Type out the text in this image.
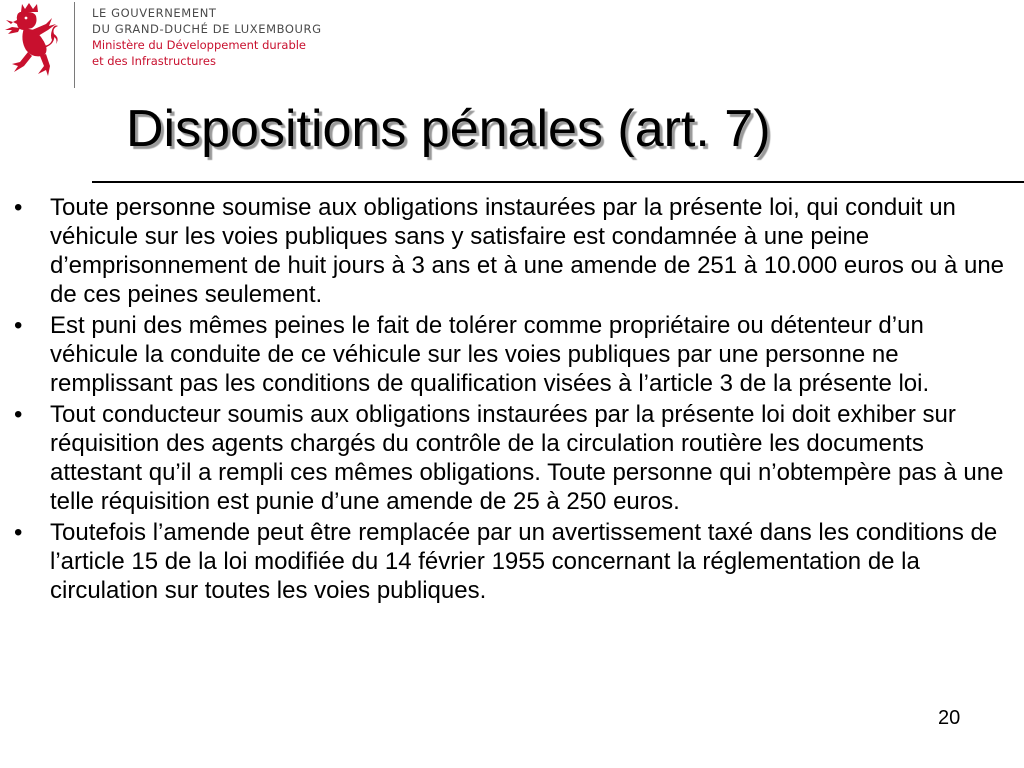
LE GOUVERNEMENT
DU GRAND-DUCHÉ DE LUXEMBOURG
Ministère du Développement durable
et des Infrastructures
Dispositions pénales (art. 7)
• Toute personne soumise aux obligations instaurées par la présente loi, qui conduit un véhicule sur les voies publiques sans y satisfaire est condamnée à une peine d’emprisonnement de huit jours à 3 ans et à une amende de 251 à 10.000 euros ou à une de ces peines seulement.
• Est puni des mêmes peines le fait de tolérer comme propriétaire ou détenteur d’un véhicule la conduite de ce véhicule sur les voies publiques par une personne ne remplissant pas les conditions de qualification visées à l’article 3 de la présente loi.
• Tout conducteur soumis aux obligations instaurées par la présente loi doit exhiber sur réquisition des agents chargés du contrôle de la circulation routière les documents attestant qu’il a rempli ces mêmes obligations. Toute personne qui n’obtempère pas à une telle réquisition est punie d’une amende de 25 à 250 euros.
• Toutefois l’amende peut être remplacée par un avertissement taxé dans les conditions de l’article 15 de la loi modifiée du 14 février 1955 concernant la réglementation de la circulation sur toutes les voies publiques.
20
